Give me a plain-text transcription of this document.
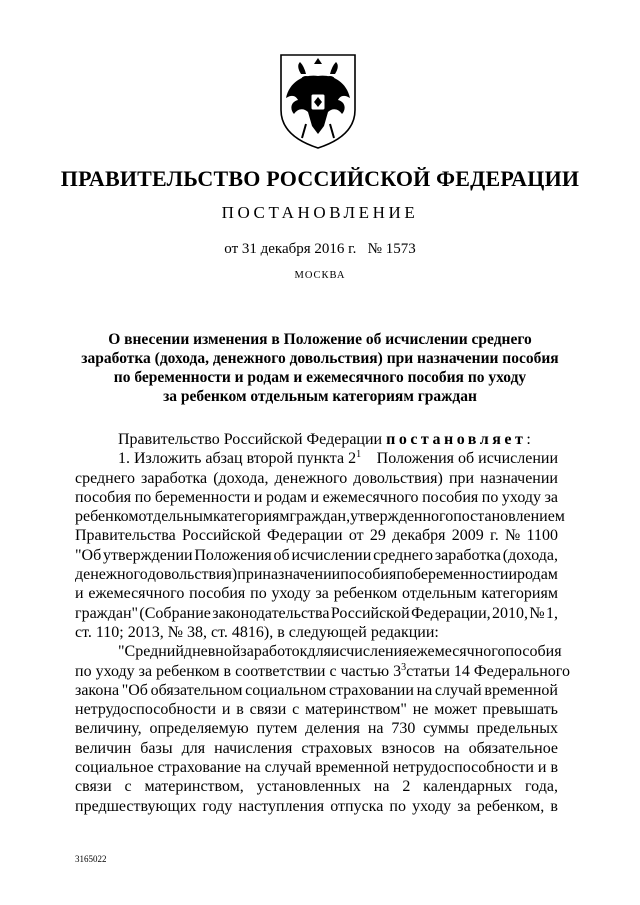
ПРАВИТЕЛЬСТВО РОССИЙСКОЙ ФЕДЕРАЦИИ
ПОСТАНОВЛЕНИЕ
от 31 декабря 2016 г. № 1573
МОСКВА
О внесении изменения в Положение об исчислении среднего
заработка (дохода, денежного довольствия) при назначении пособия
по беременности и родам и ежемесячного пособия по уходу
за ребенком отдельным категориям граждан
Правительство Российской Федерации
постановляет :
1. Изложить абзац второй пункта $2^1$ Положения об исчислении
среднего заработка (дохода, денежного довольствия) при назначении
пособия по беременности и родам и ежемесячного пособия по уходу за
ребенком отдельным категориям граждан, утвержденного постановлением
Правительства Российской Федерации от 29 декабря 2009 г. № 1100
"Об утверждении Положения об исчислении среднего заработка (дохода,
денежного довольствия) при назначении пособия по беременности и родам
и ежемесячного пособия по уходу за ребенком отдельным категориям
граждан" (Собрание законодательства Российской Федерации, 2010, № 1,
ст. 110; 2013, № 38, ст. 4816), в следующей редакции:
"Средний дневной заработок для исчисления ежемесячного пособия
по уходу за ребенком в соответствии с частью $3^3$ статьи 14 Федерального
закона "Об обязательном социальном страховании на случай временной
нетрудоспособности и в связи с материнством" не может превышать
величину, определяемую путем деления на 730 суммы предельных
величин базы для начисления страховых взносов на обязательное
социальное страхование на случай временной нетрудоспособности и в
связи с материнством, установленных на 2 календарных года,
предшествующих году наступления отпуска по уходу за ребенком, в
3165022
